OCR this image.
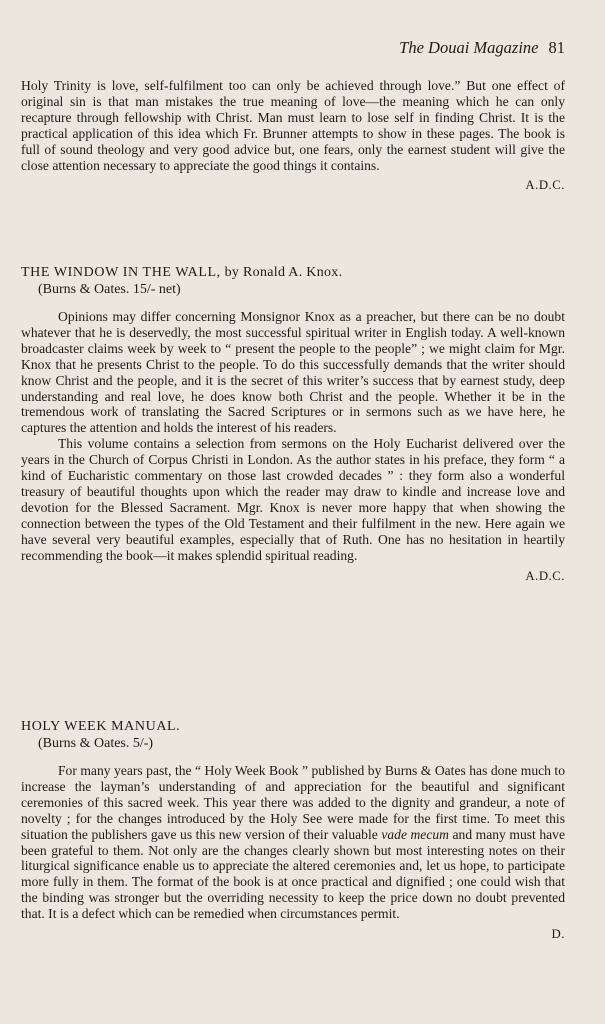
The Douai Magazine 81

Holy Trinity is love, self-fulfilment too can only be achieved through love.” But one effect of original sin is that man mistakes the true meaning of love—the meaning which he can only recapture through fellowship with Christ. Man must learn to lose self in finding Christ. It is the practical application of this idea which Fr. Brunner attempts to show in these pages. The book is full of sound theology and very good advice but, one fears, only the earnest student will give the close attention necessary to appreciate the good things it contains.

A.D.C.
THE WINDOW IN THE WALL, by Ronald A. Knox.
(Burns & Oates. 15/- net)

Opinions may differ concerning Monsignor Knox as a preacher, but there can be no doubt whatever that he is deservedly, the most successful spiritual writer in English today. A well-known broadcaster claims week by week to “ present the people to the people” ; we might claim for Mgr. Knox that he presents Christ to the people. To do this successfully demands that the writer should know Christ and the people, and it is the secret of this writer’s success that by earnest study, deep understanding and real love, he does know both Christ and the people. Whether it be in the tremendous work of translating the Sacred Scriptures or in sermons such as we have here, he captures the attention and holds the interest of his readers.

This volume contains a selection from sermons on the Holy Eucharist delivered over the years in the Church of Corpus Christi in London. As the author states in his preface, they form “ a kind of Eucharistic commentary on those last crowded decades ” : they form also a wonderful treasury of beautiful thoughts upon which the reader may draw to kindle and increase love and devotion for the Blessed Sacrament. Mgr. Knox is never more happy that when showing the connection between the types of the Old Testament and their fulfilment in the new. Here again we have several very beautiful examples, especially that of Ruth. One has no hesitation in heartily recommending the book—it makes splendid spiritual reading.

A.D.C.
HOLY WEEK MANUAL.
(Burns & Oates. 5/-)

For many years past, the “ Holy Week Book ” published by Burns & Oates has done much to increase the layman’s understanding of and appreciation for the beautiful and significant ceremonies of this sacred week. This year there was added to the dignity and grandeur, a note of novelty ; for the changes introduced by the Holy See were made for the first time. To meet this situation the publishers gave us this new version of their valuable vade mecum and many must have been grateful to them. Not only are the changes clearly shown but most interesting notes on their liturgical significance enable us to appreciate the altered ceremonies and, let us hope, to participate more fully in them. The format of the book is at once practical and dignified ; one could wish that the binding was stronger but the overriding necessity to keep the price down no doubt prevented that. It is a defect which can be remedied when circumstances permit.

D.
